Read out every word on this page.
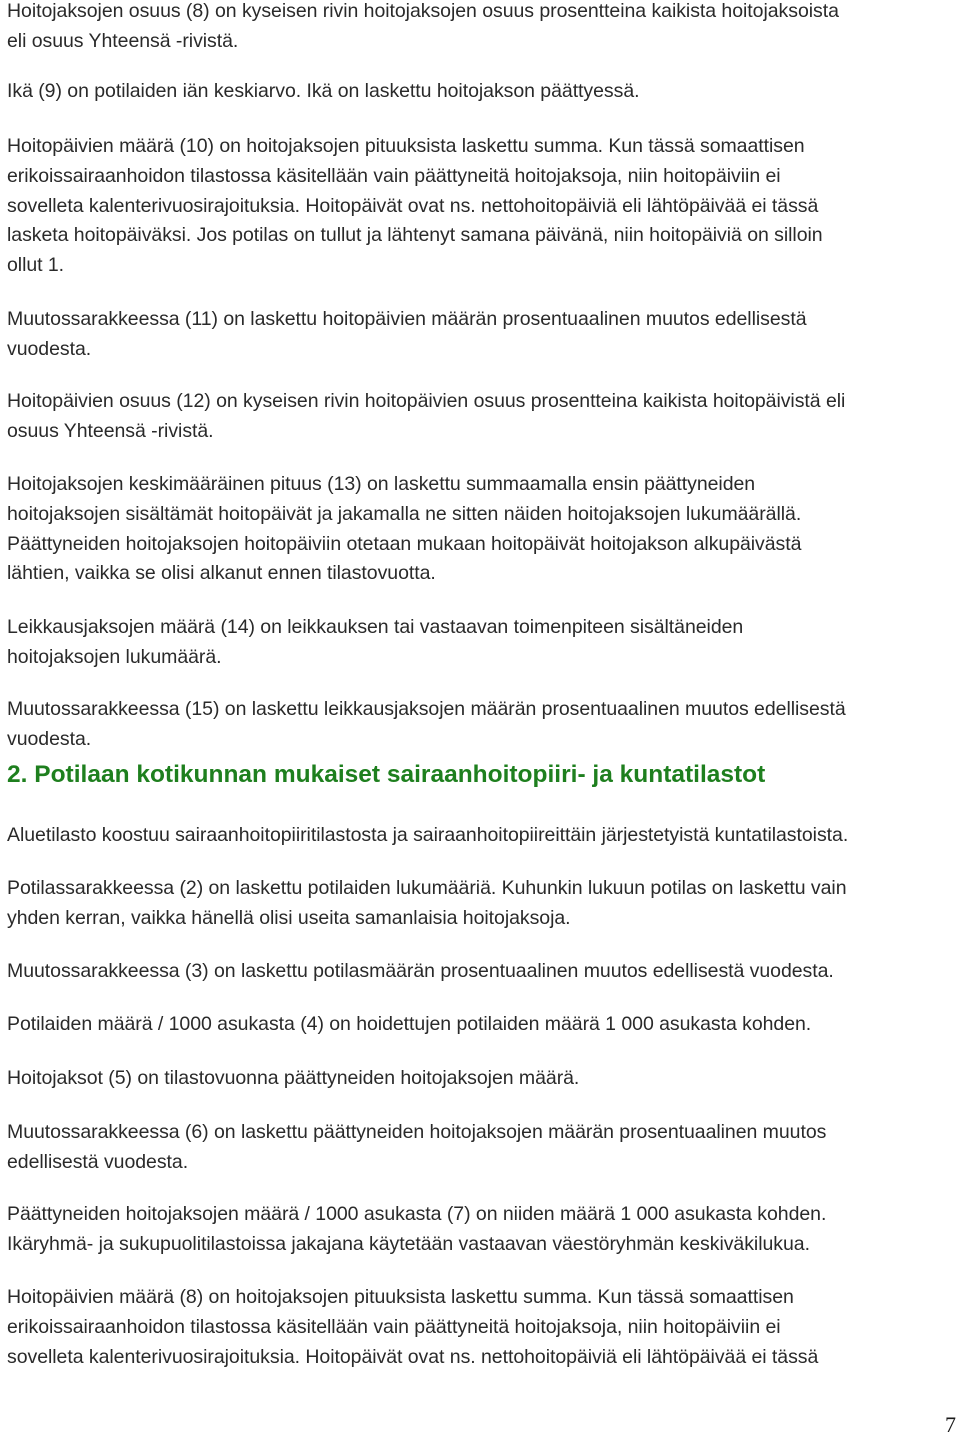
Hoitojaksojen osuus (8) on kyseisen rivin hoitojaksojen osuus prosentteina kaikista hoitojaksoista
eli osuus Yhteensä -rivistä.

Ikä (9) on potilaiden iän keskiarvo. Ikä on laskettu hoitojakson päättyessä.

Hoitopäivien määrä (10) on hoitojaksojen pituuksista laskettu summa. Kun tässä somaattisen
erikoissairaanhoidon tilastossa käsitellään vain päättyneitä hoitojaksoja, niin hoitopäiviin ei
sovelleta kalenterivuosirajoituksia. Hoitopäivät ovat ns. nettohoitopäiviä eli lähtöpäivää ei tässä
lasketa hoitopäiväksi. Jos potilas on tullut ja lähtenyt samana päivänä, niin hoitopäiviä on silloin
ollut 1.

Muutossarakkeessa (11) on laskettu hoitopäivien määrän prosentuaalinen muutos edellisestä
vuodesta.

Hoitopäivien osuus (12) on kyseisen rivin hoitopäivien osuus prosentteina kaikista hoitopäivistä eli
osuus Yhteensä -rivistä.

Hoitojaksojen keskimääräinen pituus (13) on laskettu summaamalla ensin päättyneiden
hoitojaksojen sisältämät hoitopäivät ja jakamalla ne sitten näiden hoitojaksojen lukumäärällä.
Päättyneiden hoitojaksojen hoitopäiviin otetaan mukaan hoitopäivät hoitojakson alkupäivästä
lähtien, vaikka se olisi alkanut ennen tilastovuotta.

Leikkausjaksojen määrä (14) on leikkauksen tai vastaavan toimenpiteen sisältäneiden
hoitojaksojen lukumäärä.

Muutossarakkeessa (15) on laskettu leikkausjaksojen määrän prosentuaalinen muutos edellisestä
vuodesta.

2. Potilaan kotikunnan mukaiset sairaanhoitopiiri- ja kuntatilastot

Aluetilasto koostuu sairaanhoitopiiritilastosta ja sairaanhoitopiireittäin järjestetyistä kuntatilastoista.

Potilassarakkeessa (2) on laskettu potilaiden lukumääriä. Kuhunkin lukuun potilas on laskettu vain
yhden kerran, vaikka hänellä olisi useita samanlaisia hoitojaksoja.

Muutossarakkeessa (3) on laskettu potilasmäärän prosentuaalinen muutos edellisestä vuodesta.

Potilaiden määrä / 1000 asukasta (4) on hoidettujen potilaiden määrä 1 000 asukasta kohden.

Hoitojaksot (5) on tilastovuonna päättyneiden hoitojaksojen määrä.

Muutossarakkeessa (6) on laskettu päättyneiden hoitojaksojen määrän prosentuaalinen muutos
edellisestä vuodesta.

Päättyneiden hoitojaksojen määrä / 1000 asukasta (7) on niiden määrä 1 000 asukasta kohden.
Ikäryhmä- ja sukupuolitilastoissa jakajana käytetään vastaavan väestöryhmän keskiväkilukua.

Hoitopäivien määrä (8) on hoitojaksojen pituuksista laskettu summa. Kun tässä somaattisen
erikoissairaanhoidon tilastossa käsitellään vain päättyneitä hoitojaksoja, niin hoitopäiviin ei
sovelleta kalenterivuosirajoituksia. Hoitopäivät ovat ns. nettohoitopäiviä eli lähtöpäivää ei tässä

7
